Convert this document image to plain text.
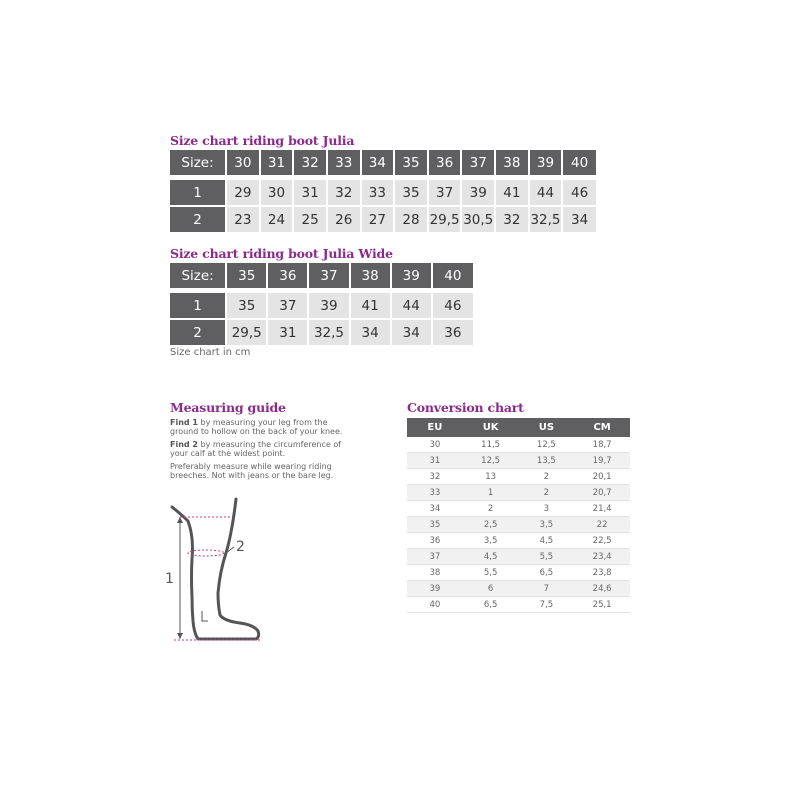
Size chart riding boot Julia
Size:	30	31	32	33	34	35	36	37	38	39	40

1	29	30	31	32	33	35	37	39	41	44	46
2	23	24	25	26	27	28	29,5	30,5	32	32,5	34
Size chart riding boot Julia Wide
Size:	35	36	37	38	39	40

1	35	37	39	41	44	46
2	29,5	31	32,5	34	34	36
Size chart in cm
Measuring guide

Find 1 by measuring your leg from the ground to hollow on the back of your knee.

Find 2 by measuring the circumference of your calf at the widest point.

Preferably measure while wearing riding breeches. Not with jeans or the bare leg.

1
2
Conversion chart
EU	UK	US	CM
30	11,5	12,5	18,7
31	12,5	13,5	19,7
32	13	2	20,1
33	1	2	20,7
34	2	3	21,4
35	2,5	3,5	22
36	3,5	4,5	22,5
37	4,5	5,5	23,4
38	5,5	6,5	23,8
39	6	7	24,6
40	6,5	7,5	25,1
